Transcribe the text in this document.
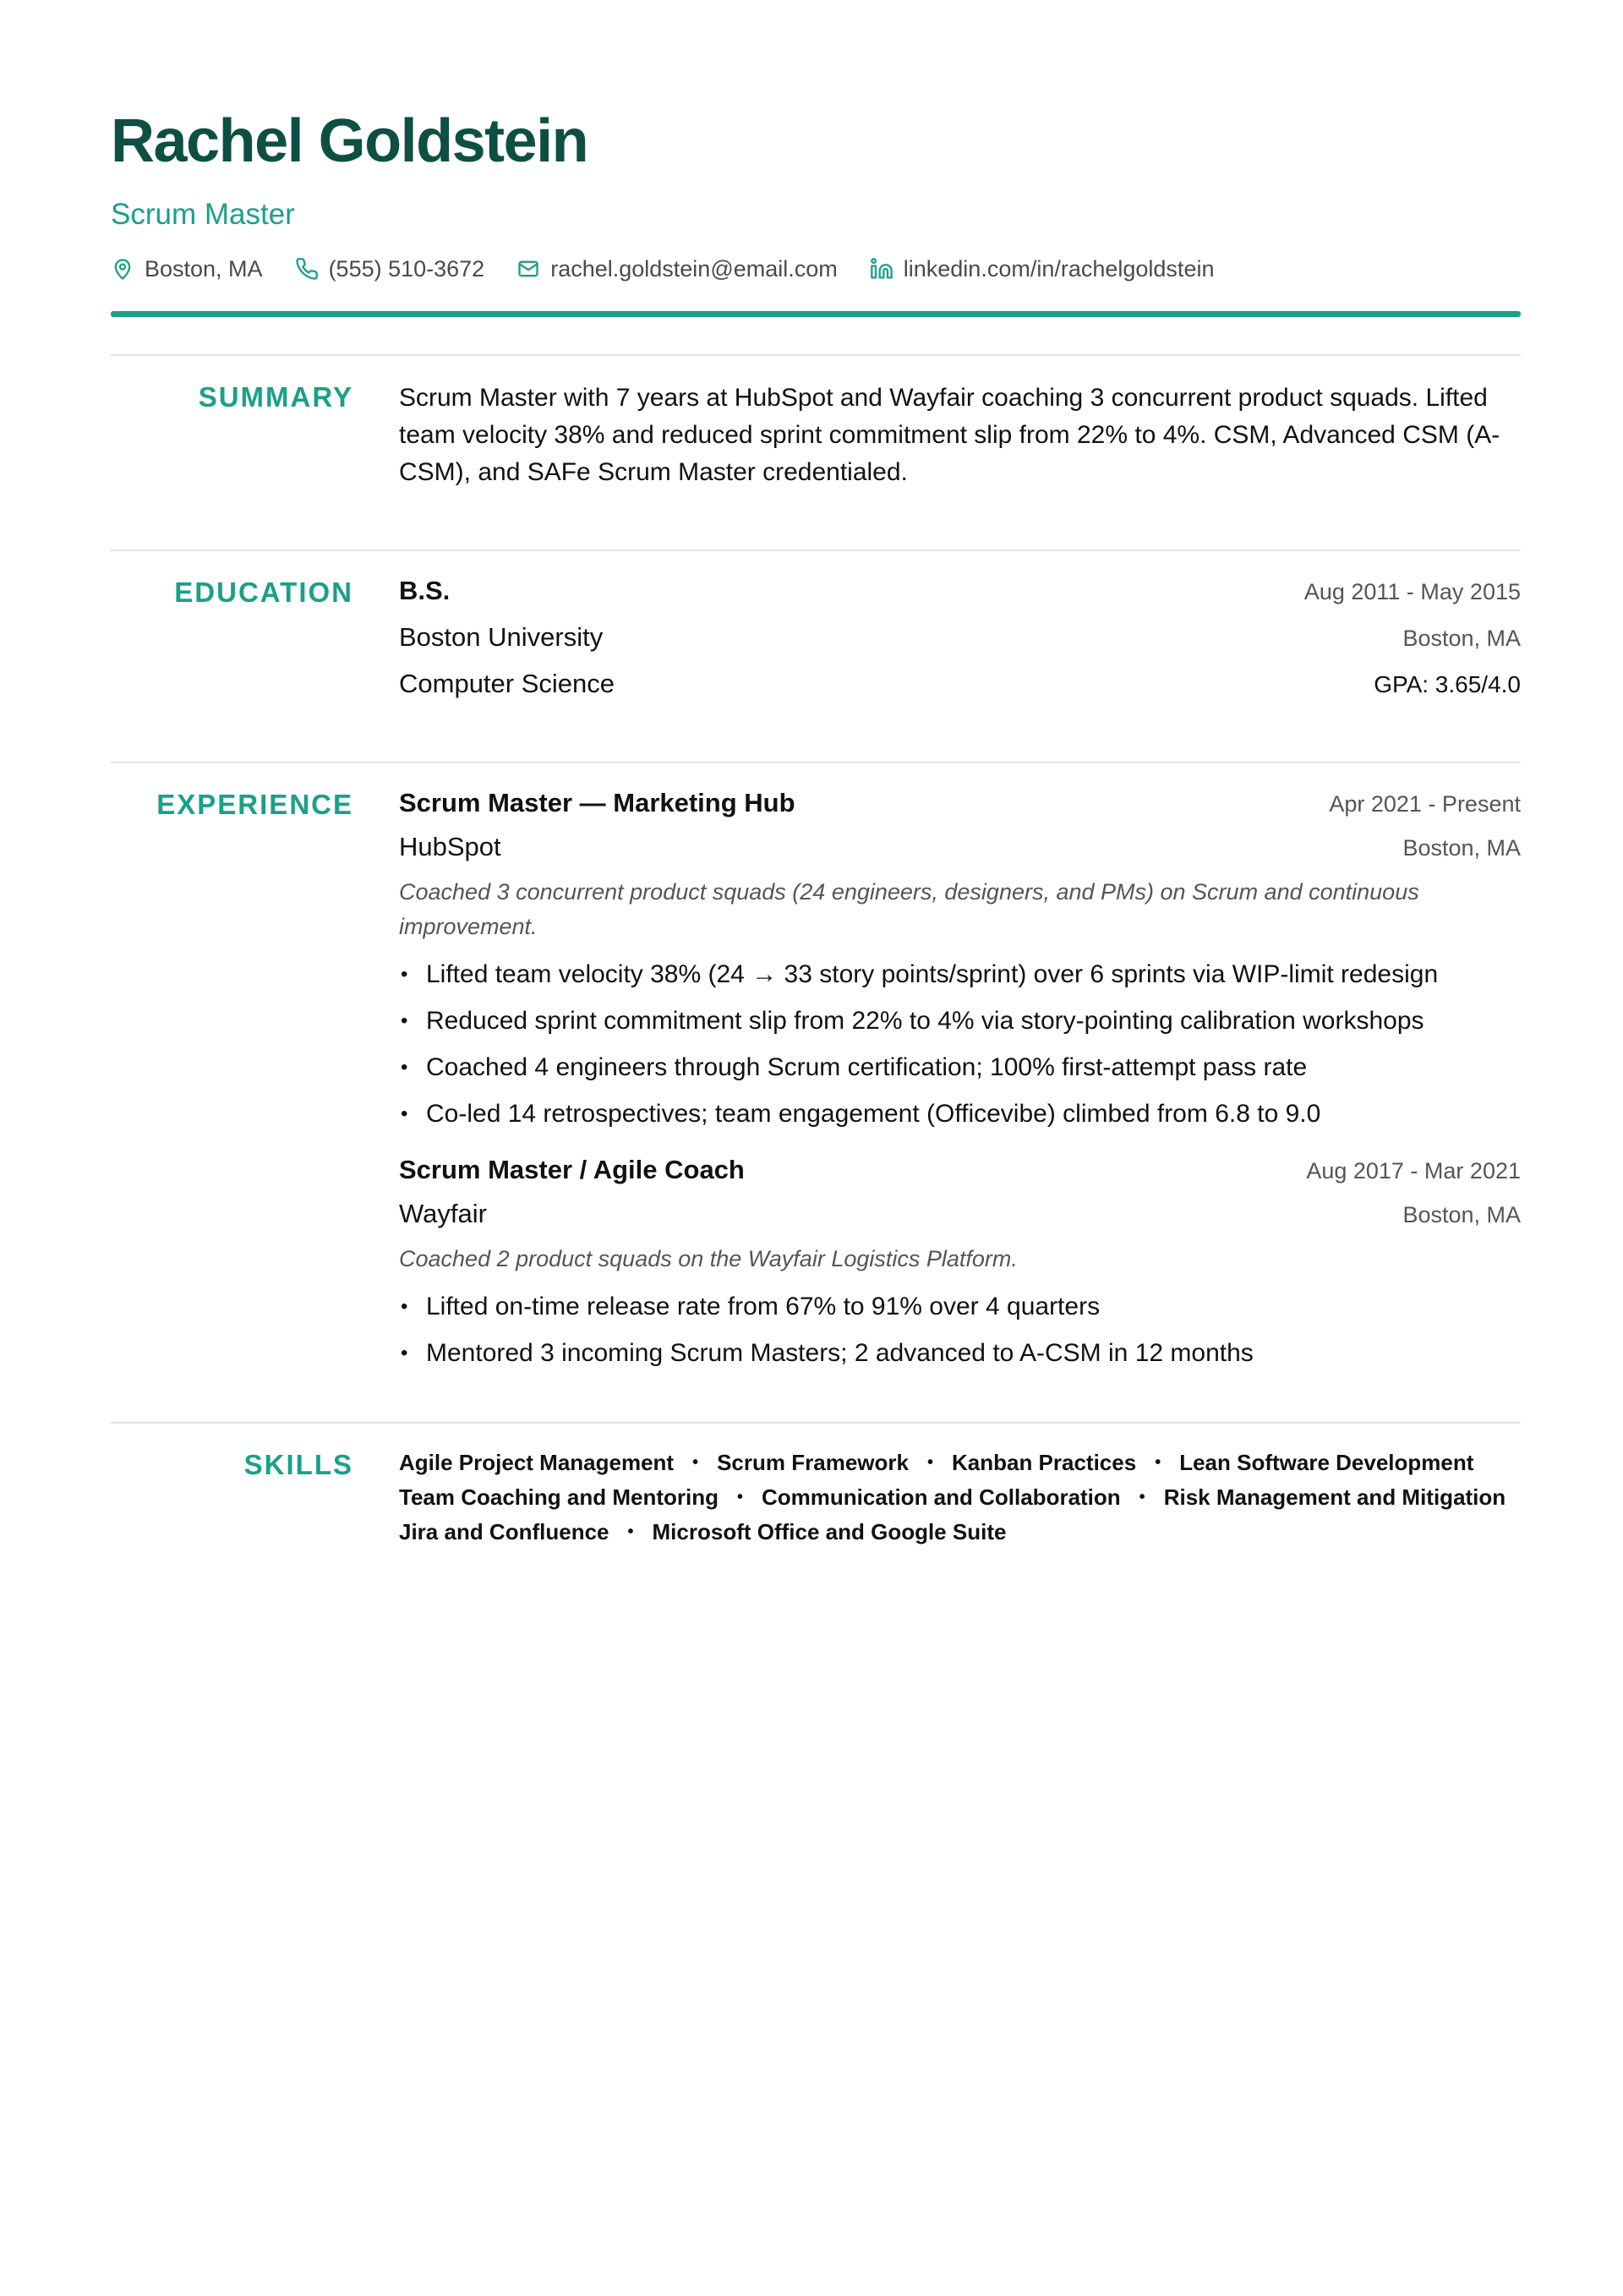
Rachel Goldstein
Scrum Master
Boston, MA	(555) 510-3672	rachel.goldstein@email.com	linkedin.com/in/rachelgoldstein
SUMMARY Scrum Master with 7 years at HubSpot and Wayfair coaching 3 concurrent product squads. Lifted team velocity 38% and reduced sprint commitment slip from 22% to 4%. CSM, Advanced CSM (A-CSM), and SAFe Scrum Master credentialed.
EDUCATION B.S.	Aug 2011 - May 2015
Boston University	Boston, MA
Computer Science	GPA: 3.65/4.0
EXPERIENCE Scrum Master — Marketing Hub	Apr 2021 - Present
HubSpot	Boston, MA
Coached 3 concurrent product squads (24 engineers, designers, and PMs) on Scrum and continuous improvement.
• Lifted team velocity 38% (24 → 33 story points/sprint) over 6 sprints via WIP-limit redesign
• Reduced sprint commitment slip from 22% to 4% via story-pointing calibration workshops
• Coached 4 engineers through Scrum certification; 100% first-attempt pass rate
• Co-led 14 retrospectives; team engagement (Officevibe) climbed from 6.8 to 9.0
Scrum Master / Agile Coach	Aug 2017 - Mar 2021
Wayfair	Boston, MA
Coached 2 product squads on the Wayfair Logistics Platform.
• Lifted on-time release rate from 67% to 91% over 4 quarters
• Mentored 3 incoming Scrum Masters; 2 advanced to A-CSM in 12 months
SKILLS Agile Project Management • Scrum Framework • Kanban Practices • Lean Software Development
Team Coaching and Mentoring • Communication and Collaboration • Risk Management and Mitigation
Jira and Confluence • Microsoft Office and Google Suite
